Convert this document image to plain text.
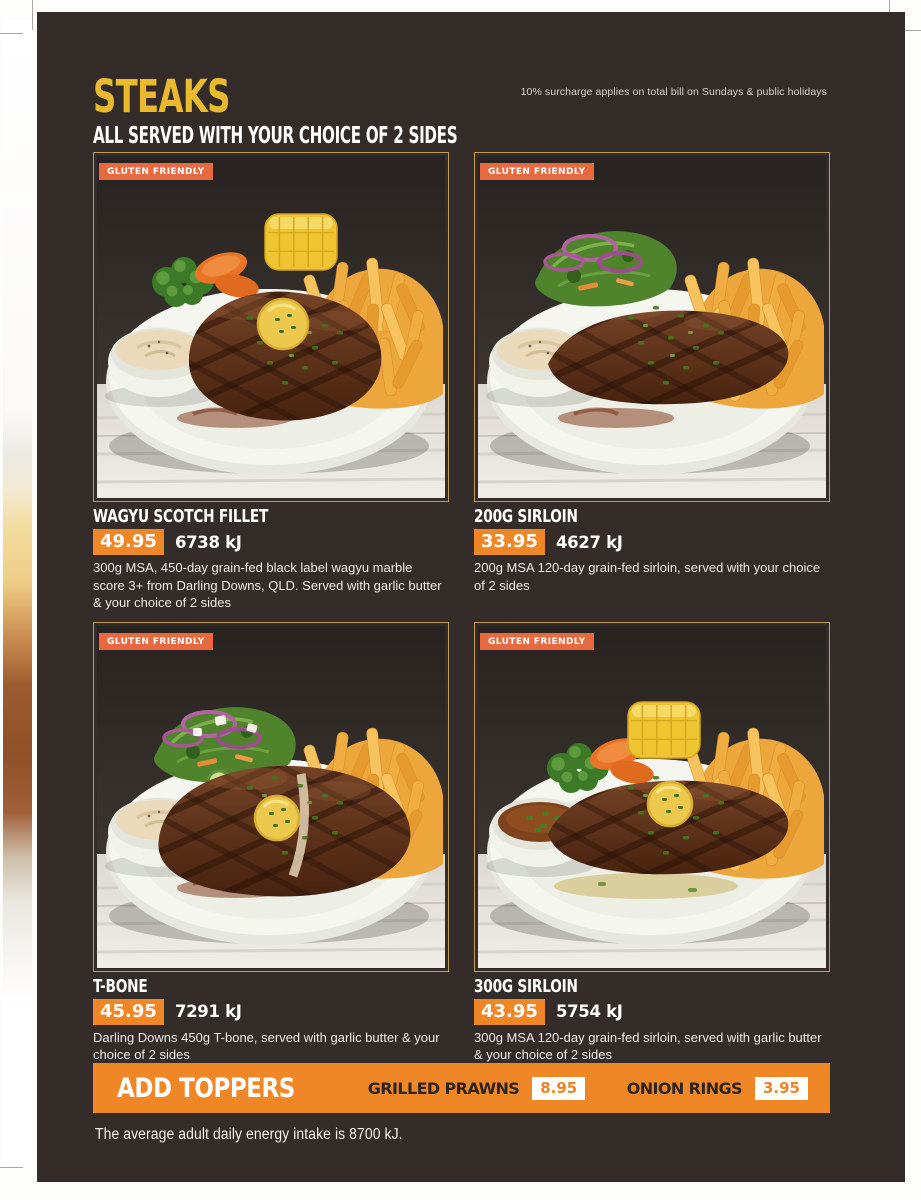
STEAKS
ALL SERVED WITH YOUR CHOICE OF 2 SIDES
10% surcharge applies on total bill on Sundays & public holidays
GLUTEN FRIENDLY
WAGYU SCOTCH FILLET
49.95	6738 kJ
300g MSA, 450-day grain-fed black label wagyu marble score 3+ from Darling Downs, QLD. Served with garlic butter & your choice of 2 sides
GLUTEN FRIENDLY
200G SIRLOIN
33.95	4627 kJ
200g MSA 120-day grain-fed sirloin, served with your choice of 2 sides
GLUTEN FRIENDLY
T-BONE
45.95	7291 kJ
Darling Downs 450g T-bone, served with garlic butter & your choice of 2 sides
GLUTEN FRIENDLY
300G SIRLOIN
43.95	5754 kJ
300g MSA 120-day grain-fed sirloin, served with garlic butter & your choice of 2 sides
ADD TOPPERS	GRILLED PRAWNS	8.95	ONION RINGS	3.95
The average adult daily energy intake is 8700 kJ.
